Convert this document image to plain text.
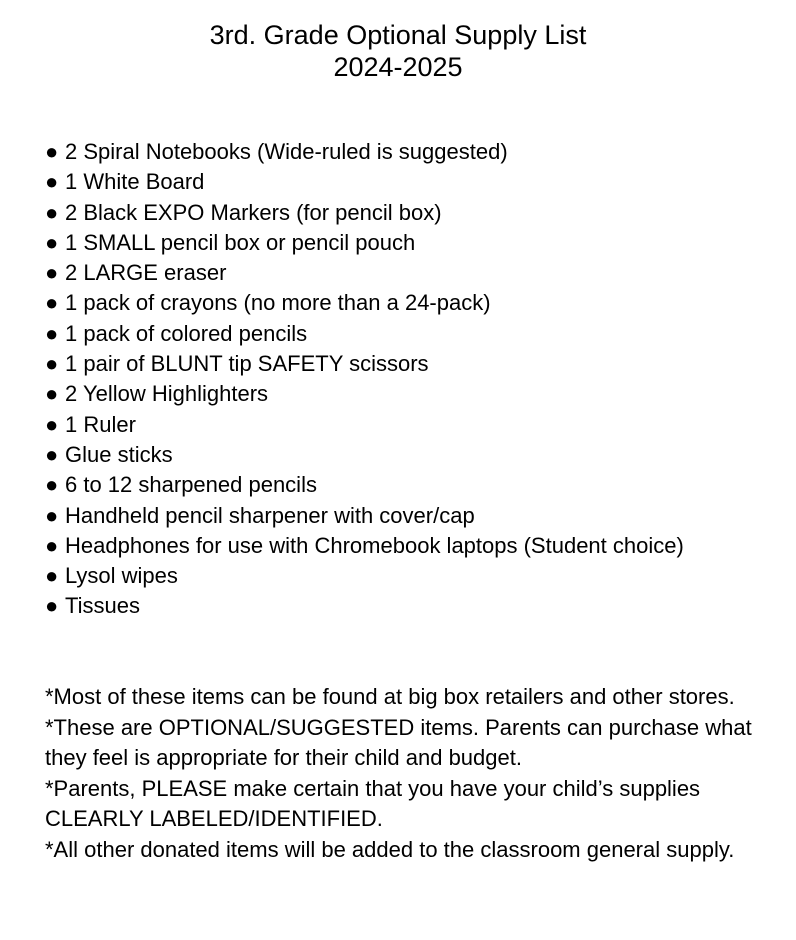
3rd. Grade Optional Supply List
2024-2025
● 2 Spiral Notebooks (Wide-ruled is suggested)
● 1 White Board
● 2 Black EXPO Markers (for pencil box)
● 1 SMALL pencil box or pencil pouch
● 2 LARGE eraser
● 1 pack of crayons (no more than a 24-pack)
● 1 pack of colored pencils
● 1 pair of BLUNT tip SAFETY scissors
● 2 Yellow Highlighters
● 1 Ruler
● Glue sticks
● 6 to 12 sharpened pencils
● Handheld pencil sharpener with cover/cap
● Headphones for use with Chromebook laptops (Student choice)
● Lysol wipes
● Tissues
*Most of these items can be found at big box retailers and other stores.
*These are OPTIONAL/SUGGESTED items. Parents can purchase what they feel is appropriate for their child and budget.
*Parents, PLEASE make certain that you have your child’s supplies CLEARLY LABELED/IDENTIFIED.
*All other donated items will be added to the classroom general supply.
